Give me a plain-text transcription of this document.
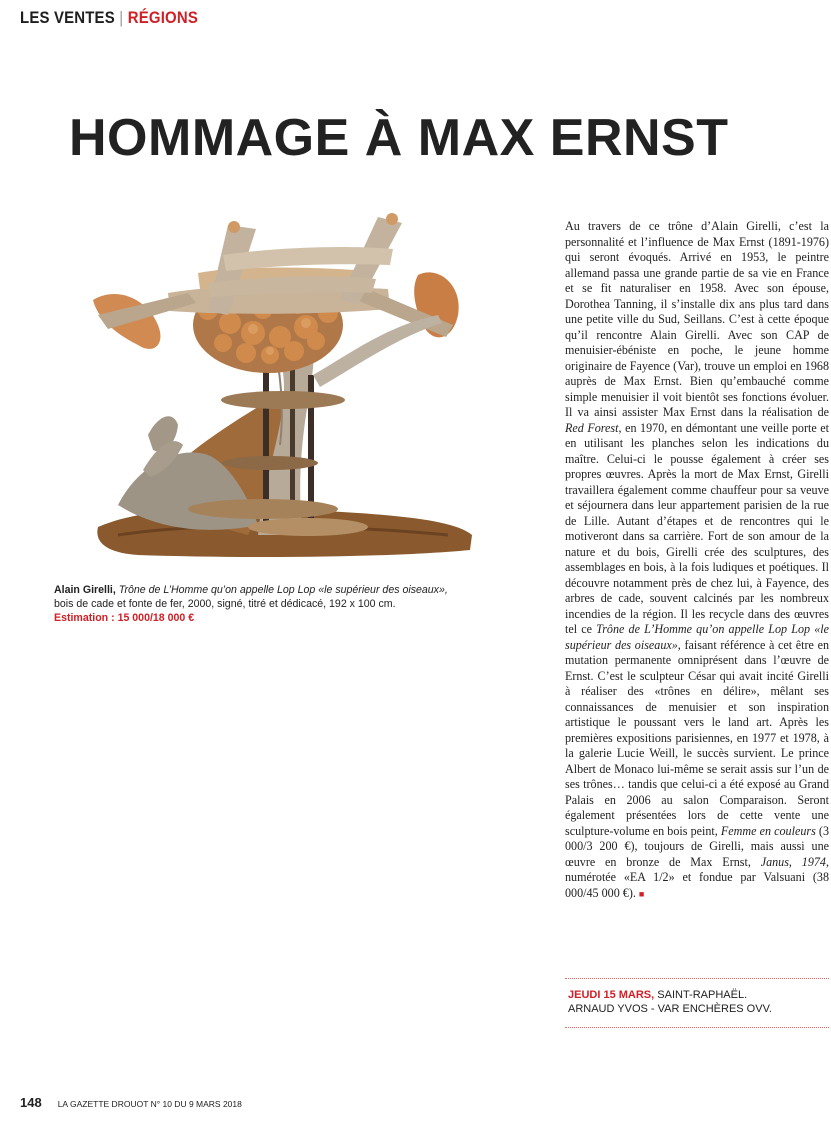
LES VENTES | RÉGIONS
HOMMAGE À MAX ERNST
Alain Girelli, Trône de L’Homme qu’on appelle Lop Lop «le supérieur des oiseaux»,
bois de cade et fonte de fer, 2000, signé, titré et dédicacé, 192 x 100 cm.
Estimation : 15 000/18 000 €
Au travers de ce trône d’Alain Girelli, c’est la personnalité et l’influence de Max Ernst (1891-1976) qui seront évoqués. Arrivé en 1953, le peintre allemand passa une grande partie de sa vie en France et se fit naturaliser en 1958. Avec son épouse, Dorothea Tanning, il s’installe dix ans plus tard dans une petite ville du Sud, Seillans. C’est à cette époque qu’il rencontre Alain Girelli. Avec son CAP de menuisier-ébéniste en poche, le jeune homme originaire de Fayence (Var), trouve un emploi en 1968 auprès de Max Ernst. Bien qu’embauché comme simple menuisier il voit bientôt ses fonctions évoluer. Il va ainsi assister Max Ernst dans la réalisation de Red Forest, en 1970, en démontant une veille porte et en utilisant les planches selon les indications du maître. Celui-ci le pousse également à créer ses propres œuvres. Après la mort de Max Ernst, Girelli travaillera également comme chauffeur pour sa veuve et séjournera dans leur appartement parisien de la rue de Lille. Autant d’étapes et de rencontres qui le motiveront dans sa carrière. Fort de son amour de la nature et du bois, Girelli crée des sculptures, des assemblages en bois, à la fois ludiques et poétiques. Il découvre notamment près de chez lui, à Fayence, des arbres de cade, souvent calcinés par les nombreux incendies de la région. Il les recycle dans des œuvres tel ce Trône de L’Homme qu’on appelle Lop Lop «le supérieur des oiseaux», faisant référence à cet être en mutation permanente omniprésent dans l’œuvre de Ernst. C’est le sculpteur César qui avait incité Girelli à réaliser des «trônes en délire», mêlant ses connaissances de menuisier et son inspiration artistique le poussant vers le land art. Après les premières expositions parisiennes, en 1977 et 1978, à la galerie Lucie Weill, le succès survient. Le prince Albert de Monaco lui-même se serait assis sur l’un de ses trônes… tandis que celui-ci a été exposé au Grand Palais en 2006 au salon Comparaison. Seront également présentées lors de cette vente une sculpture-volume en bois peint, Femme en couleurs (3 000/3 200 €), toujours de Girelli, mais aussi une œuvre en bronze de Max Ernst, Janus, 1974, numérotée «EA 1/2» et fondue par Valsuani (38 000/45 000 €). ■
JEUDI 15 MARS, SAINT-RAPHAËL.
ARNAUD YVOS - VAR ENCHÈRES OVV.
148 LA GAZETTE DROUOT N° 10 DU 9 MARS 2018
